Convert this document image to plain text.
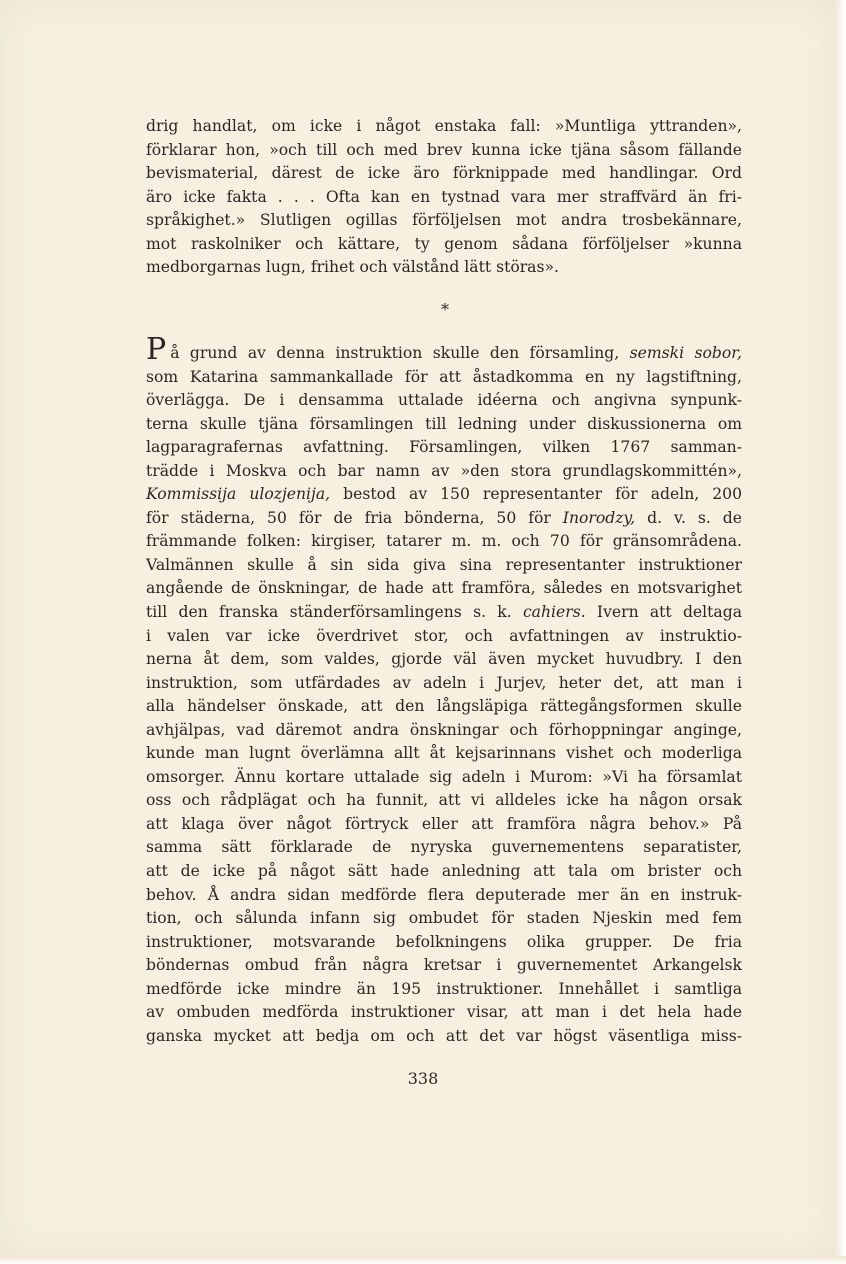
drig handlat, om icke i något enstaka fall: »Muntliga yttranden»,
förklarar hon, »och till och med brev kunna icke tjäna såsom fällande
bevismaterial, därest de icke äro förknippade med handlingar. Ord
äro icke fakta . . . Ofta kan en tystnad vara mer straffvärd än fri-
språkighet.» Slutligen ogillas förföljelsen mot andra trosbekännare,
mot raskolniker och kättare, ty genom sådana förföljelser »kunna
medborgarnas lugn, frihet och välstånd lätt störas».
*
På grund av denna instruktion skulle den församling, semski sobor,
som Katarina sammankallade för att åstadkomma en ny lagstiftning,
överlägga. De i densamma uttalade idéerna och angivna synpunk-
terna skulle tjäna församlingen till ledning under diskussionerna om
lagparagrafernas avfattning. Församlingen, vilken 1767 samman-
trädde i Moskva och bar namn av »den stora grundlagskommittén»,
Kommissija ulozjenija, bestod av 150 representanter för adeln, 200
för städerna, 50 för de fria bönderna, 50 för Inorodzy, d. v. s. de
främmande folken: kirgiser, tatarer m. m. och 70 för gränsområdena.
Valmännen skulle å sin sida giva sina representanter instruktioner
angående de önskningar, de hade att framföra, således en motsvarighet
till den franska ständerförsamlingens s. k. cahiers. Ivern att deltaga
i valen var icke överdrivet stor, och avfattningen av instruktio-
nerna åt dem, som valdes, gjorde väl även mycket huvudbry. I den
instruktion, som utfärdades av adeln i Jurjev, heter det, att man i
alla händelser önskade, att den långsläpiga rättegångsformen skulle
avhjälpas, vad däremot andra önskningar och förhoppningar anginge,
kunde man lugnt överlämna allt åt kejsarinnans vishet och moderliga
omsorger. Ännu kortare uttalade sig adeln i Murom: »Vi ha församlat
oss och rådplägat och ha funnit, att vi alldeles icke ha någon orsak
att klaga över något förtryck eller att framföra några behov.» På
samma sätt förklarade de nyryska guvernementens separatister,
att de icke på något sätt hade anledning att tala om brister och
behov. Å andra sidan medförde flera deputerade mer än en instruk-
tion, och sålunda infann sig ombudet för staden Njeskin med fem
instruktioner, motsvarande befolkningens olika grupper. De fria
böndernas ombud från några kretsar i guvernementet Arkangelsk
medförde icke mindre än 195 instruktioner. Innehållet i samtliga
av ombuden medförda instruktioner visar, att man i det hela hade
ganska mycket att bedja om och att det var högst väsentliga miss-
338
